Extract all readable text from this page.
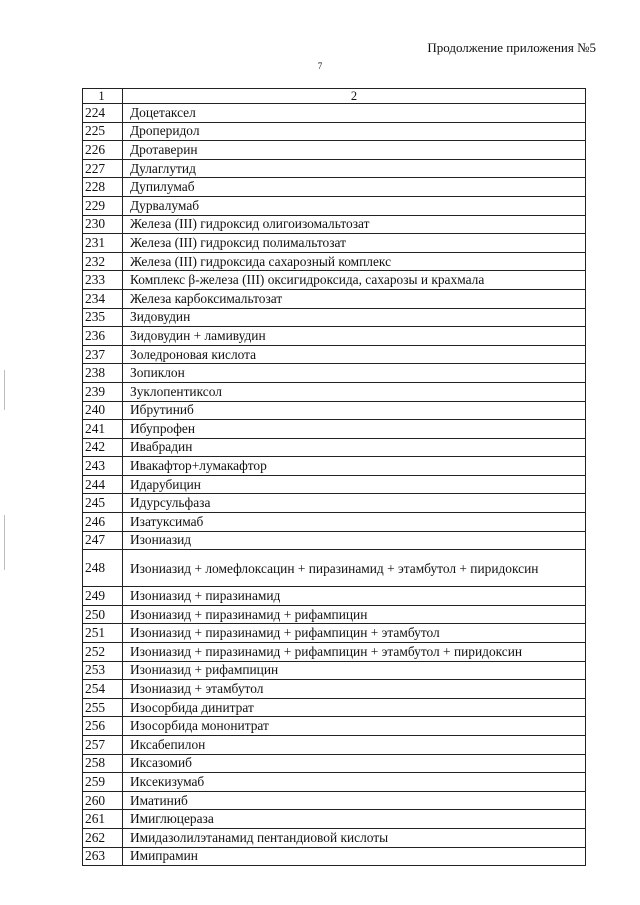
Продолжение приложения №5
7
1	2
224	Доцетаксел
225	Дроперидол
226	Дротаверин
227	Дулаглутид
228	Дупилумаб
229	Дурвалумаб
230	Железа (III) гидроксид олигоизомальтозат
231	Железа (III) гидроксид полимальтозат
232	Железа (III) гидроксида сахарозный комплекс
233	Комплекс β-железа (III) оксигидроксида, сахарозы и крахмала
234	Железа карбоксимальтозат
235	Зидовудин
236	Зидовудин + ламивудин
237	Золедроновая кислота
238	Зопиклон
239	Зуклопентиксол
240	Ибрутиниб
241	Ибупрофен
242	Ивабрадин
243	Ивакафтор+лумакафтор
244	Идарубицин
245	Идурсульфаза
246	Изатуксимаб
247	Изониазид
248	Изониазид + ломефлоксацин + пиразинамид + этамбутол + пиридоксин
249	Изониазид + пиразинамид
250	Изониазид + пиразинамид + рифампицин
251	Изониазид + пиразинамид + рифампицин + этамбутол
252	Изониазид + пиразинамид + рифампицин + этамбутол + пиридоксин
253	Изониазид + рифампицин
254	Изониазид + этамбутол
255	Изосорбида динитрат
256	Изосорбида мононитрат
257	Иксабепилон
258	Иксазомиб
259	Иксекизумаб
260	Иматиниб
261	Имиглюцераза
262	Имидазолилэтанамид пентандиовой кислоты
263	Имипрамин
